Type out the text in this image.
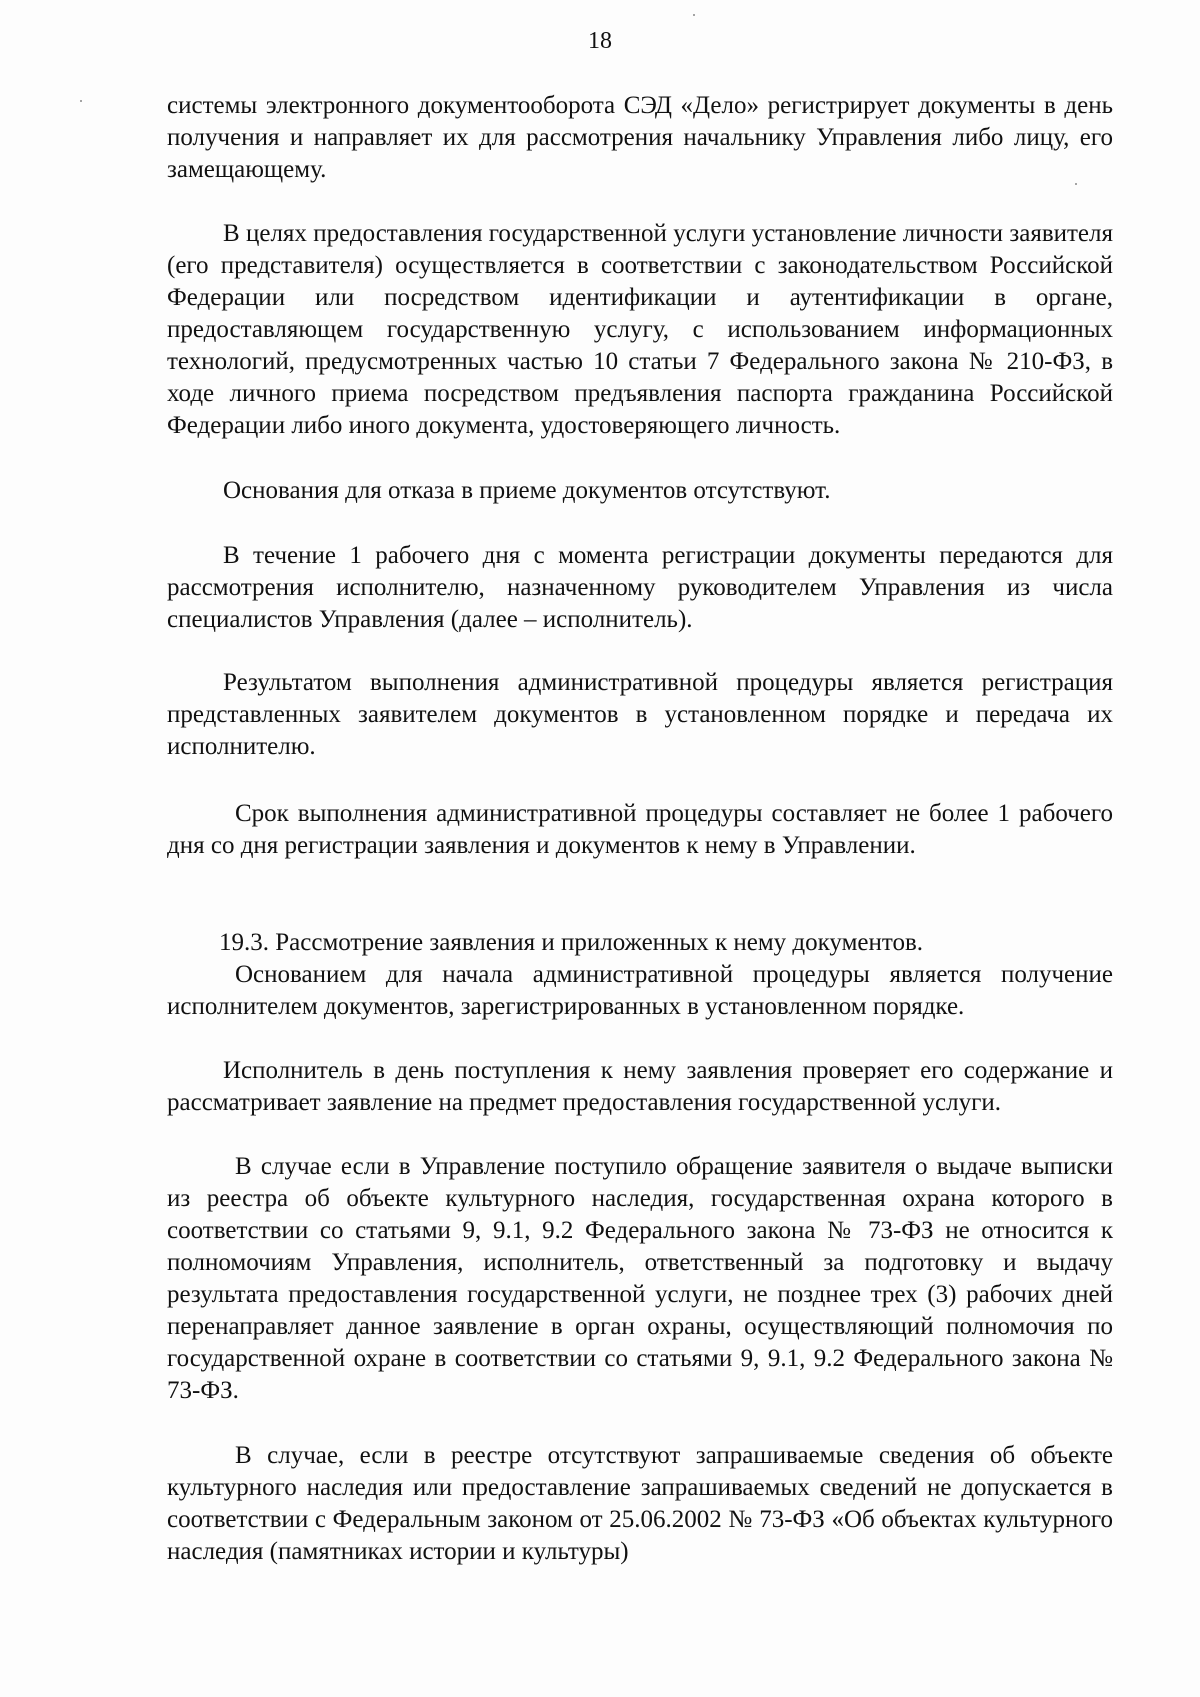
18

системы электронного документооборота СЭД «Дело» регистрирует документы в день получения и направляет их для рассмотрения начальнику Управления либо лицу, его замещающему.

В целях предоставления государственной услуги установление личности заявителя (его представителя) осуществляется в соответствии с законодательством Российской Федерации или посредством идентификации и аутентификации в органе, предоставляющем государственную услугу, с использованием информационных технологий, предусмотренных частью 10 статьи 7 Федерального закона № 210-ФЗ, в ходе личного приема посредством предъявления паспорта гражданина Российской Федерации либо иного документа, удостоверяющего личность.

Основания для отказа в приеме документов отсутствуют.

В течение 1 рабочего дня с момента регистрации документы передаются для рассмотрения исполнителю, назначенному руководителем Управления из числа специалистов Управления (далее – исполнитель).

Результатом выполнения административной процедуры является регистрация представленных заявителем документов в установленном порядке и передача их исполнителю.

Срок выполнения административной процедуры составляет не более 1 рабочего дня со дня регистрации заявления и документов к нему в Управлении.

19.3. Рассмотрение заявления и приложенных к нему документов.

Основанием для начала административной процедуры является получение исполнителем документов, зарегистрированных в установленном порядке.

Исполнитель в день поступления к нему заявления проверяет его содержание и рассматривает заявление на предмет предоставления государственной услуги.

В случае если в Управление поступило обращение заявителя о выдаче выписки из реестра об объекте культурного наследия, государственная охрана которого в соответствии со статьями 9, 9.1, 9.2 Федерального закона № 73-ФЗ не относится к полномочиям Управления, исполнитель, ответственный за подготовку и выдачу результата предоставления государственной услуги, не позднее трех (3) рабочих дней перенаправляет данное заявление в орган охраны, осуществляющий полномочия по государственной охране в соответствии со статьями 9, 9.1, 9.2 Федерального закона № 73-ФЗ.

В случае, если в реестре отсутствуют запрашиваемые сведения об объекте культурного наследия или предоставление запрашиваемых сведений не допускается в соответствии с Федеральным законом от 25.06.2002 № 73-ФЗ «Об объектах культурного наследия (памятниках истории и культуры)
